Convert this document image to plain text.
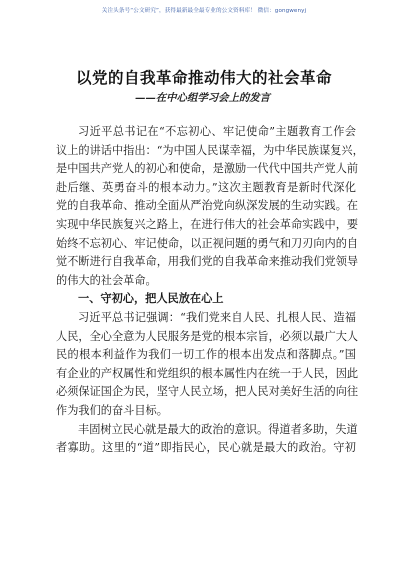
关注头条号“公文研究”，获得最新最全最专业的公文资料库！ 微信：gongwenyj
以党的自我革命推动伟大的社会革命
——在中心组学习会上的发言
习近平总书记在“不忘初心、牢记使命”主题教育工作会
议上的讲话中指出：“为中国人民谋幸福，为中华民族谋复兴，
是中国共产党人的初心和使命，是激励一代代中国共产党人前
赴后继、英勇奋斗的根本动力。”这次主题教育是新时代深化
党的自我革命、推动全面从严治党向纵深发展的生动实践。在
实现中华民族复兴之路上，在进行伟大的社会革命实践中，要
始终不忘初心、牢记使命，以正视问题的勇气和刀刃向内的自
觉不断进行自我革命，用我们党的自我革命来推动我们党领导
的伟大的社会革命。
一、守初心，把人民放在心上
习近平总书记强调：“我们党来自人民、扎根人民、造福
人民，全心全意为人民服务是党的根本宗旨，必须以最广大人
民的根本利益作为我们一切工作的根本出发点和落脚点。”国
有企业的产权属性和党组织的根本属性内在统一于人民，因此
必须保证国企为民，坚守人民立场，把人民对美好生活的向往
作为我们的奋斗目标。
丰固树立民心就是最大的政治的意识。得道者多助，失道
者寡助。这里的“道”即指民心，民心就是最大的政治。守初
